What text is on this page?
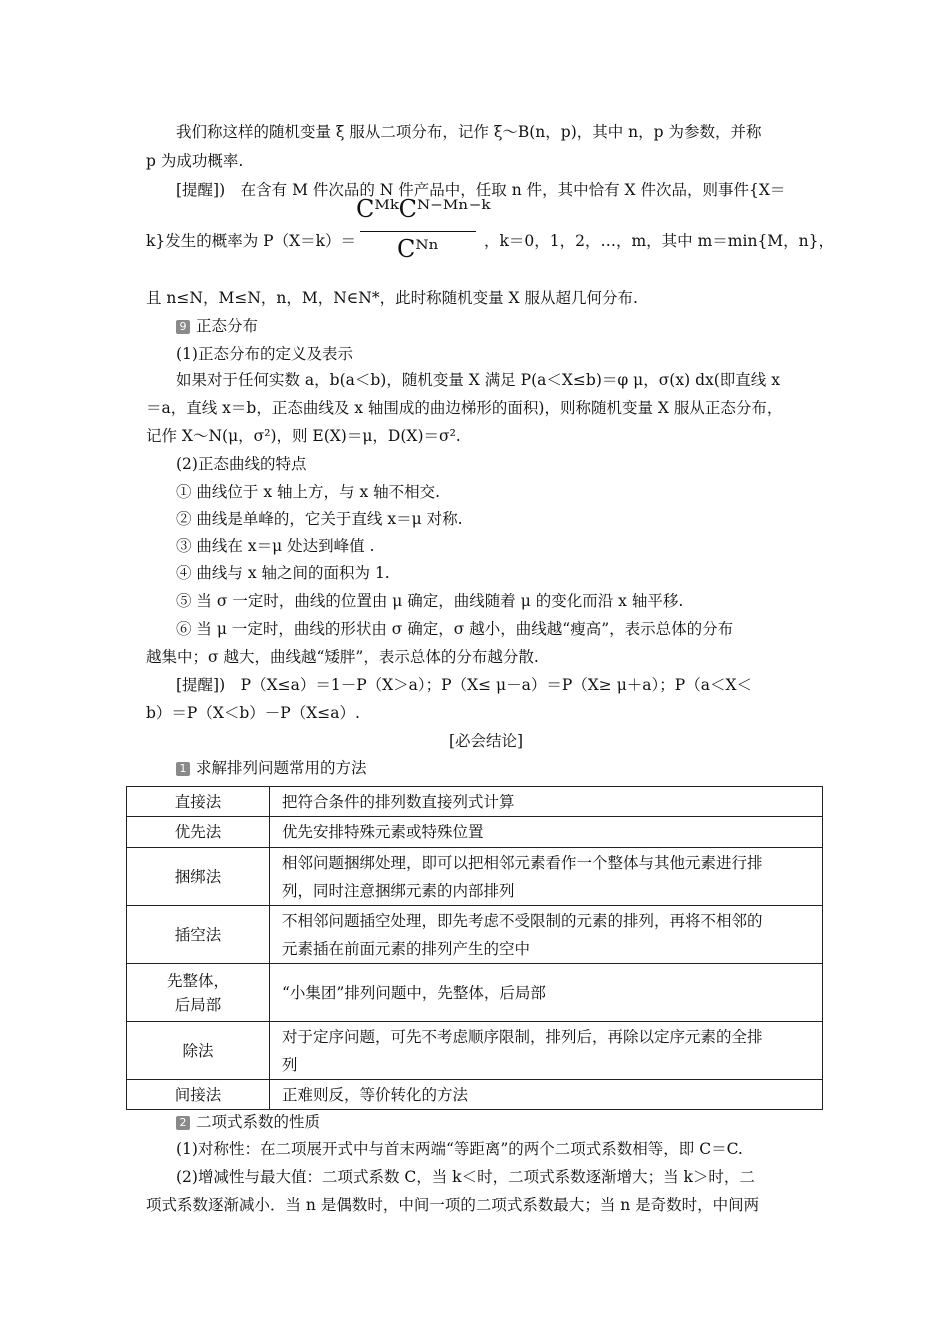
我们称这样的随机变量 ξ 服从二项分布，记作 ξ～B(n，p)，其中 n，p 为参数，并称
p 为成功概率.
[提醒])　在含有 M 件次品的 N 件产品中，任取 n 件，其中恰有 X 件次品，则事件{X＝
k}发生的概率为 P（X＝k）＝
CᴹᵏCᴺ⁻ᴹⁿ⁻ᵏ
Cᴺⁿ	，k＝0，1，2，…，m，其中 m＝min{M，n}，
且 n≤N，M≤N，n，M，N∈N*，此时称随机变量 X 服从超几何分布.
9 正态分布
(1)正态分布的定义及表示
如果对于任何实数 a，b(a＜b)，随机变量 X 满足 P(a＜X≤b)＝φ μ，σ(x) dx(即直线 x
＝a，直线 x＝b，正态曲线及 x 轴围成的曲边梯形的面积)，则称随机变量 X 服从正态分布，
记作 X～N(μ，σ²)，则 E(X)＝μ，D(X)＝σ².
(2)正态曲线的特点
① 曲线位于 x 轴上方，与 x 轴不相交.
② 曲线是单峰的，它关于直线 x＝μ 对称.
③ 曲线在 x＝μ 处达到峰值 .
④ 曲线与 x 轴之间的面积为 1.
⑤ 当 σ 一定时，曲线的位置由 μ 确定，曲线随着 μ 的变化而沿 x 轴平移.
⑥ 当 μ 一定时，曲线的形状由 σ 确定，σ 越小，曲线越“瘦高”，表示总体的分布
越集中；σ 越大，曲线越“矮胖”，表示总体的分布越分散.
[提醒])　P（X≤a）＝1－P（X＞a）；P（X≤ μ－a）＝P（X≥ μ＋a）；P（a＜X＜
b）＝P（X＜b）－P（X≤a）.
[必会结论]
1 求解排列问题常用的方法
直接法	把符合条件的排列数直接列式计算
优先法	优先安排特殊元素或特殊位置
捆绑法	相邻问题捆绑处理，即可以把相邻元素看作一个整体与其他元素进行排
列，同时注意捆绑元素的内部排列

插空法	不相邻问题插空处理，即先考虑不受限制的元素的排列，再将不相邻的
元素插在前面元素的排列产生的空中

先整体，
后局部	“小集团”排列问题中，先整体，后局部
除法	对于定序问题，可先不考虑顺序限制，排列后，再除以定序元素的全排
列

间接法	正难则反，等价转化的方法
2 二项式系数的性质
(1)对称性：在二项展开式中与首末两端“等距离”的两个二项式系数相等，即 C＝C.
(2)增减性与最大值：二项式系数 C，当 k＜时，二项式系数逐渐增大；当 k＞时，二
项式系数逐渐减小．当 n 是偶数时，中间一项的二项式系数最大；当 n 是奇数时，中间两
